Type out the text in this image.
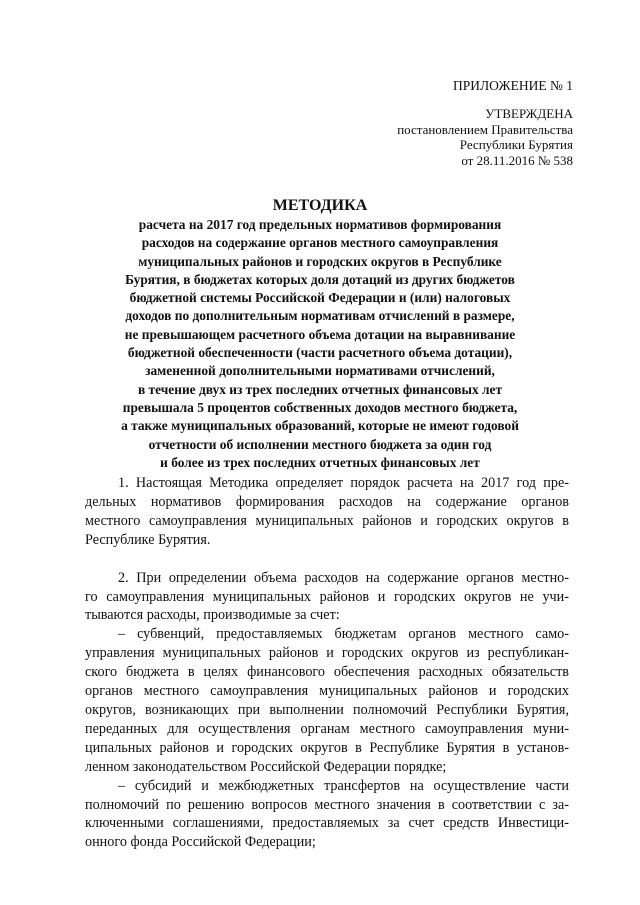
ПРИЛОЖЕНИЕ № 1
УТВЕРЖДЕНА
постановлением Правительства
Республики Бурятия
от 28.11.2016 № 538
МЕТОДИКА
расчета на 2017 год предельных нормативов формирования
расходов на содержание органов местного самоуправления
муниципальных районов и городских округов в Республике
Бурятия, в бюджетах которых доля дотаций из других бюджетов
бюджетной системы Российской Федерации и (или) налоговых
доходов по дополнительным нормативам отчислений в размере,
не превышающем расчетного объема дотации на выравнивание
бюджетной обеспеченности (части расчетного объема дотации),
замененной дополнительными нормативами отчислений,
в течение двух из трех последних отчетных финансовых лет
превышала 5 процентов собственных доходов местного бюджета,
а также муниципальных образований, которые не имеют годовой
отчетности об исполнении местного бюджета за один год
и более из трех последних отчетных финансовых лет
1. Настоящая Методика определяет порядок расчета на 2017 год пре-
дельных нормативов формирования расходов на содержание органов
местного самоуправления муниципальных районов и городских округов в
Республике Бурятия.
2. При определении объема расходов на содержание органов местно-
го самоуправления муниципальных районов и городских округов не учи-
тываются расходы, производимые за счет:
– субвенций, предоставляемых бюджетам органов местного само-
управления муниципальных районов и городских округов из республикан-
ского бюджета в целях финансового обеспечения расходных обязательств
органов местного самоуправления муниципальных районов и городских
округов, возникающих при выполнении полномочий Республики Бурятия,
переданных для осуществления органам местного самоуправления муни-
ципальных районов и городских округов в Республике Бурятия в установ-
ленном законодательством Российской Федерации порядке;
– субсидий и межбюджетных трансфертов на осуществление части
полномочий по решению вопросов местного значения в соответствии с за-
ключенными соглашениями, предоставляемых за счет средств Инвестици-
онного фонда Российской Федерации;
